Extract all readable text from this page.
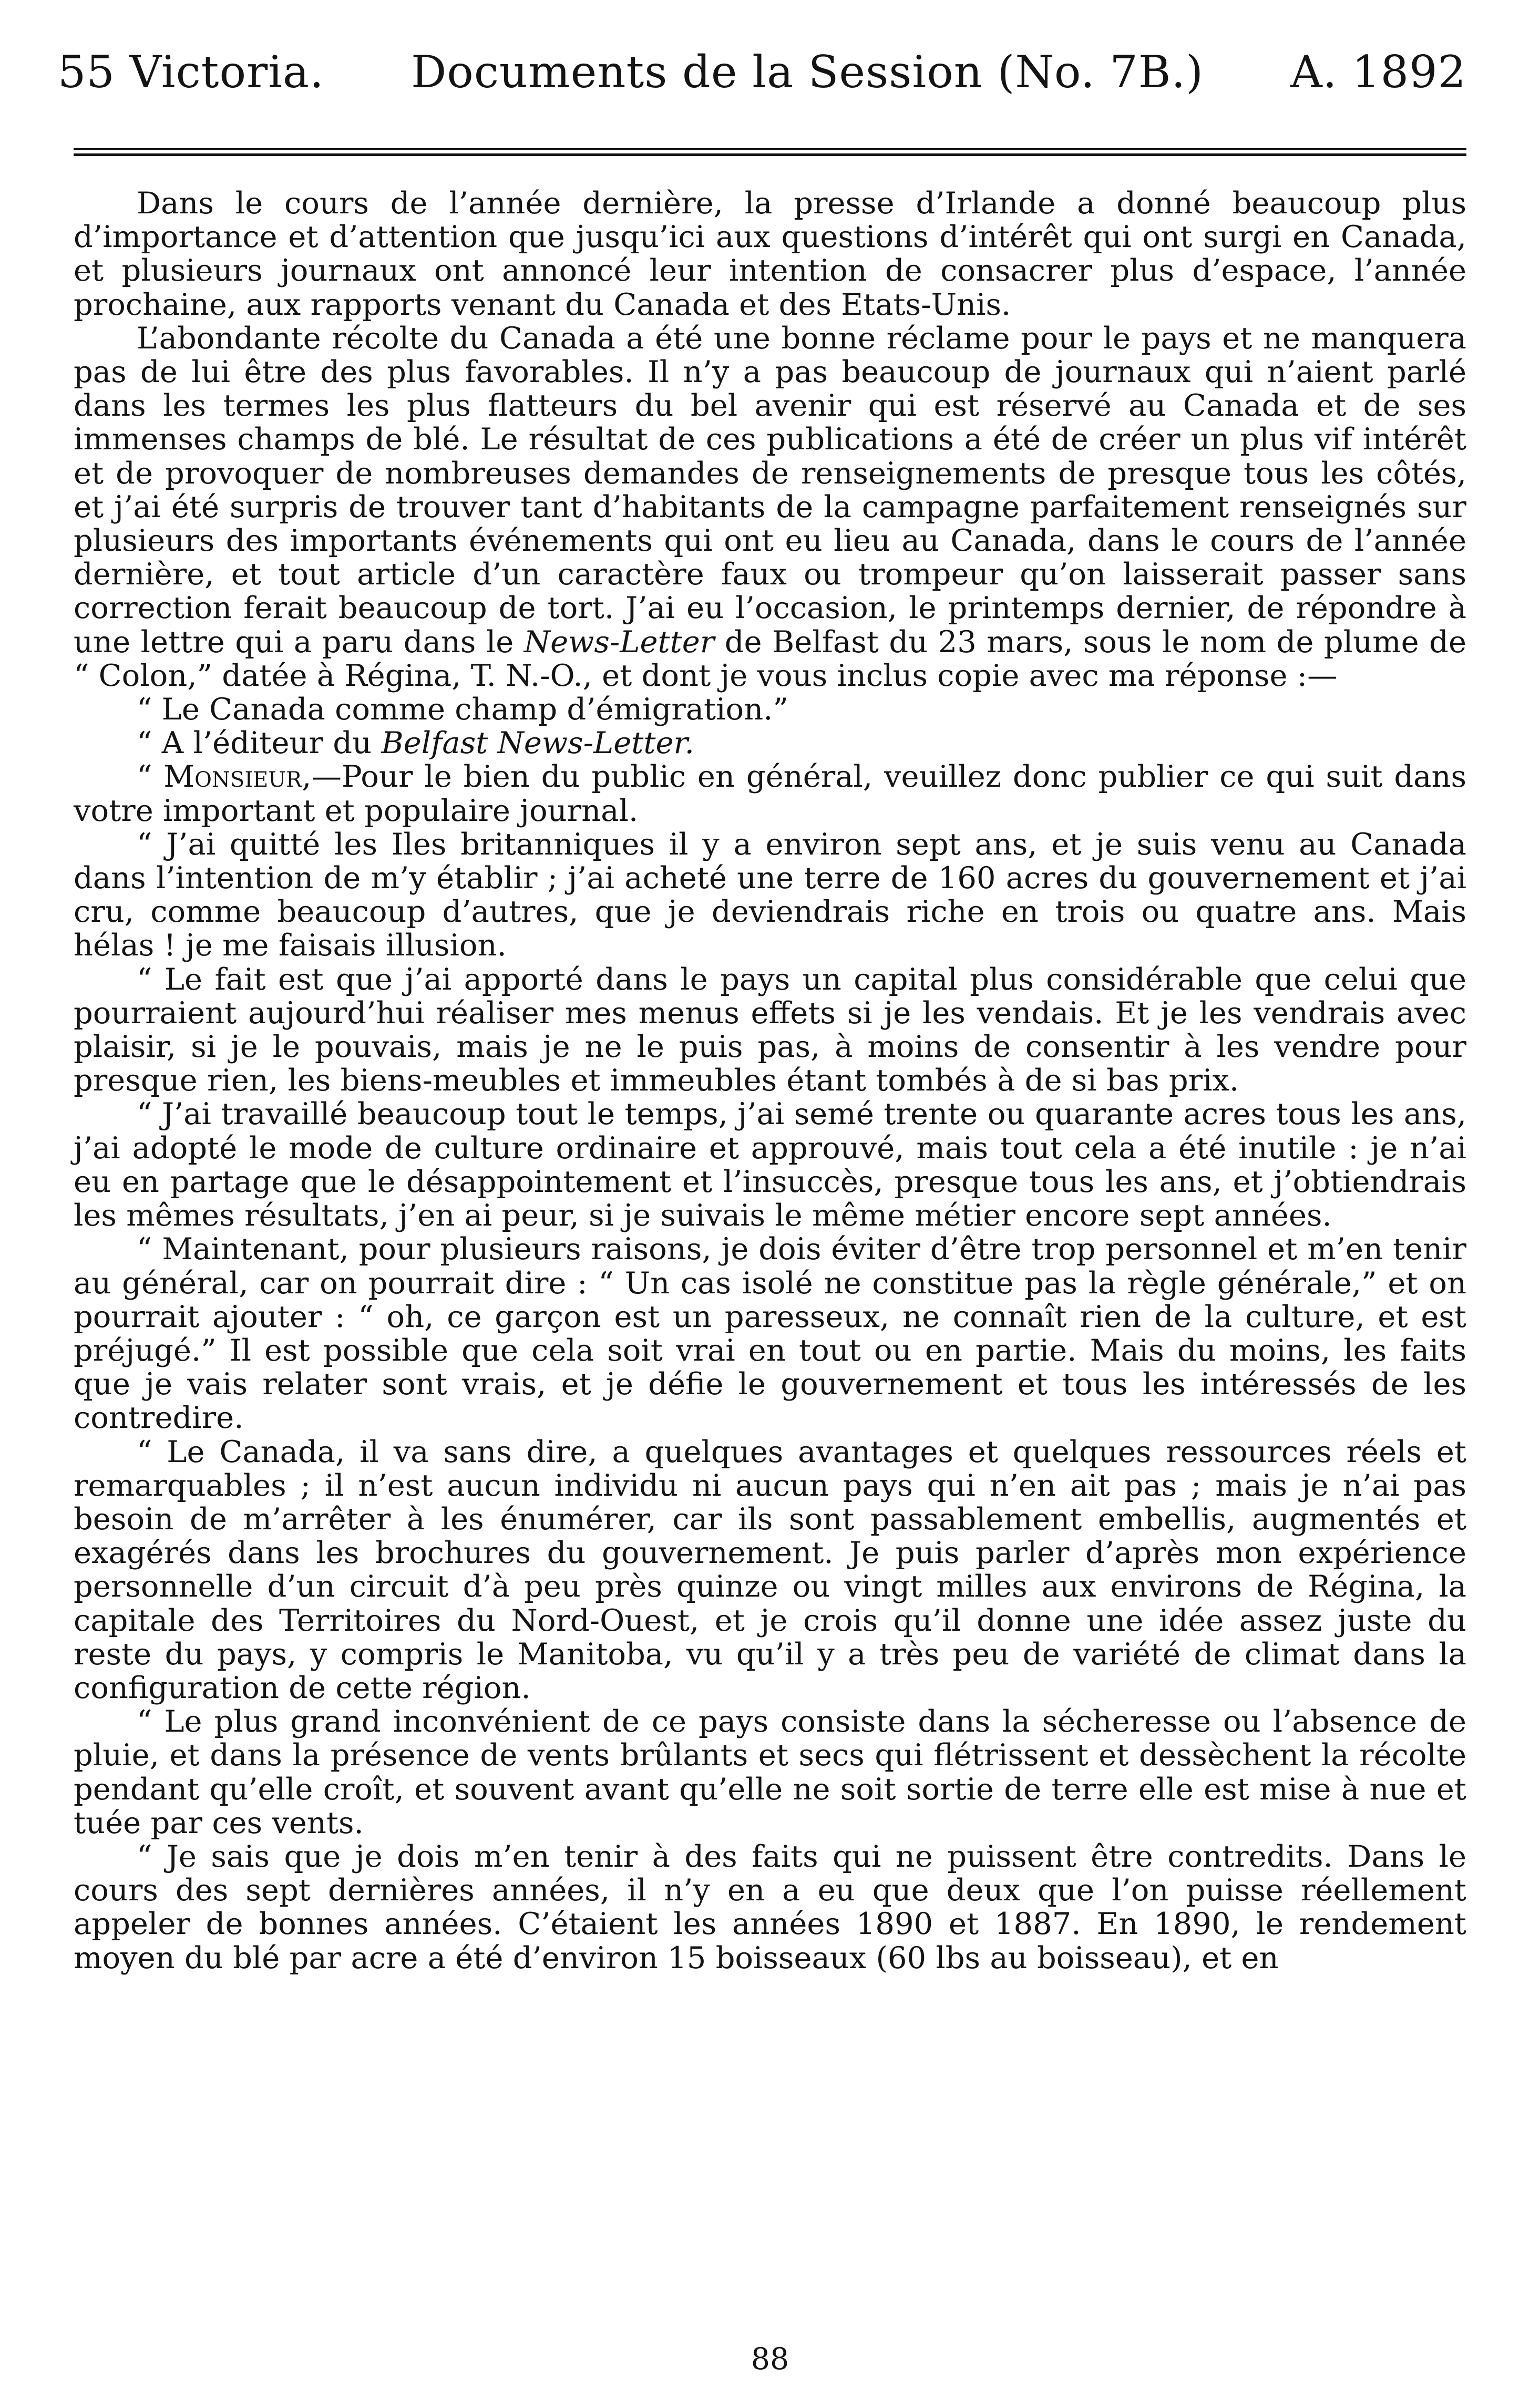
55 Victoria. Documents de la Session (No. 7B.) A. 1892

Dans le cours de l’année dernière, la presse d’Irlande a donné beaucoup plus d’importance et d’attention que jusqu’ici aux questions d’intérêt qui ont surgi en Canada, et plusieurs journaux ont annoncé leur intention de consacrer plus d’espace, l’année prochaine, aux rapports venant du Canada et des Etats-Unis.

L’abondante récolte du Canada a été une bonne réclame pour le pays et ne manquera pas de lui être des plus favorables. Il n’y a pas beaucoup de journaux qui n’aient parlé dans les termes les plus flatteurs du bel avenir qui est réservé au Canada et de ses immenses champs de blé. Le résultat de ces publications a été de créer un plus vif intérêt et de provoquer de nombreuses demandes de renseignements de presque tous les côtés, et j’ai été surpris de trouver tant d’habitants de la campagne parfaitement renseignés sur plusieurs des importants événements qui ont eu lieu au Canada, dans le cours de l’année dernière, et tout article d’un caractère faux ou trompeur qu’on laisserait passer sans correction ferait beaucoup de tort. J’ai eu l’occasion, le printemps dernier, de répondre à une lettre qui a paru dans le News-Letter de Belfast du 23 mars, sous le nom de plume de “ Colon,” datée à Régina, T. N.-O., et dont je vous inclus copie avec ma réponse :—

“ Le Canada comme champ d’émigration.”

“ A l’éditeur du Belfast News-Letter.

“ Monsieur,—Pour le bien du public en général, veuillez donc publier ce qui suit dans votre important et populaire journal.

“ J’ai quitté les Iles britanniques il y a environ sept ans, et je suis venu au Canada dans l’intention de m’y établir ; j’ai acheté une terre de 160 acres du gouvernement et j’ai cru, comme beaucoup d’autres, que je deviendrais riche en trois ou quatre ans. Mais hélas ! je me faisais illusion.

“ Le fait est que j’ai apporté dans le pays un capital plus considérable que celui que pourraient aujourd’hui réaliser mes menus effets si je les vendais. Et je les vendrais avec plaisir, si je le pouvais, mais je ne le puis pas, à moins de consentir à les vendre pour presque rien, les biens-meubles et immeubles étant tombés à de si bas prix.

“ J’ai travaillé beaucoup tout le temps, j’ai semé trente ou quarante acres tous les ans, j’ai adopté le mode de culture ordinaire et approuvé, mais tout cela a été inutile : je n’ai eu en partage que le désappointement et l’insuccès, presque tous les ans, et j’obtiendrais les mêmes résultats, j’en ai peur, si je suivais le même métier encore sept années.

“ Maintenant, pour plusieurs raisons, je dois éviter d’être trop personnel et m’en tenir au général, car on pourrait dire : “ Un cas isolé ne constitue pas la règle générale,” et on pourrait ajouter : “ oh, ce garçon est un paresseux, ne connaît rien de la culture, et est préjugé.” Il est possible que cela soit vrai en tout ou en partie. Mais du moins, les faits que je vais relater sont vrais, et je défie le gouvernement et tous les intéressés de les contredire.

“ Le Canada, il va sans dire, a quelques avantages et quelques ressources réels et remarquables ; il n’est aucun individu ni aucun pays qui n’en ait pas ; mais je n’ai pas besoin de m’arrêter à les énumérer, car ils sont passablement embellis, augmentés et exagérés dans les brochures du gouvernement. Je puis parler d’après mon expérience personnelle d’un circuit d’à peu près quinze ou vingt milles aux environs de Régina, la capitale des Territoires du Nord-Ouest, et je crois qu’il donne une idée assez juste du reste du pays, y compris le Manitoba, vu qu’il y a très peu de variété de climat dans la configuration de cette région.

“ Le plus grand inconvénient de ce pays consiste dans la sécheresse ou l’absence de pluie, et dans la présence de vents brûlants et secs qui flétrissent et dessèchent la récolte pendant qu’elle croît, et souvent avant qu’elle ne soit sortie de terre elle est mise à nue et tuée par ces vents.

“ Je sais que je dois m’en tenir à des faits qui ne puissent être contredits. Dans le cours des sept dernières années, il n’y en a eu que deux que l’on puisse réellement appeler de bonnes années. C’étaient les années 1890 et 1887. En 1890, le rendement moyen du blé par acre a été d’environ 15 boisseaux (60 lbs au boisseau), et en

88
